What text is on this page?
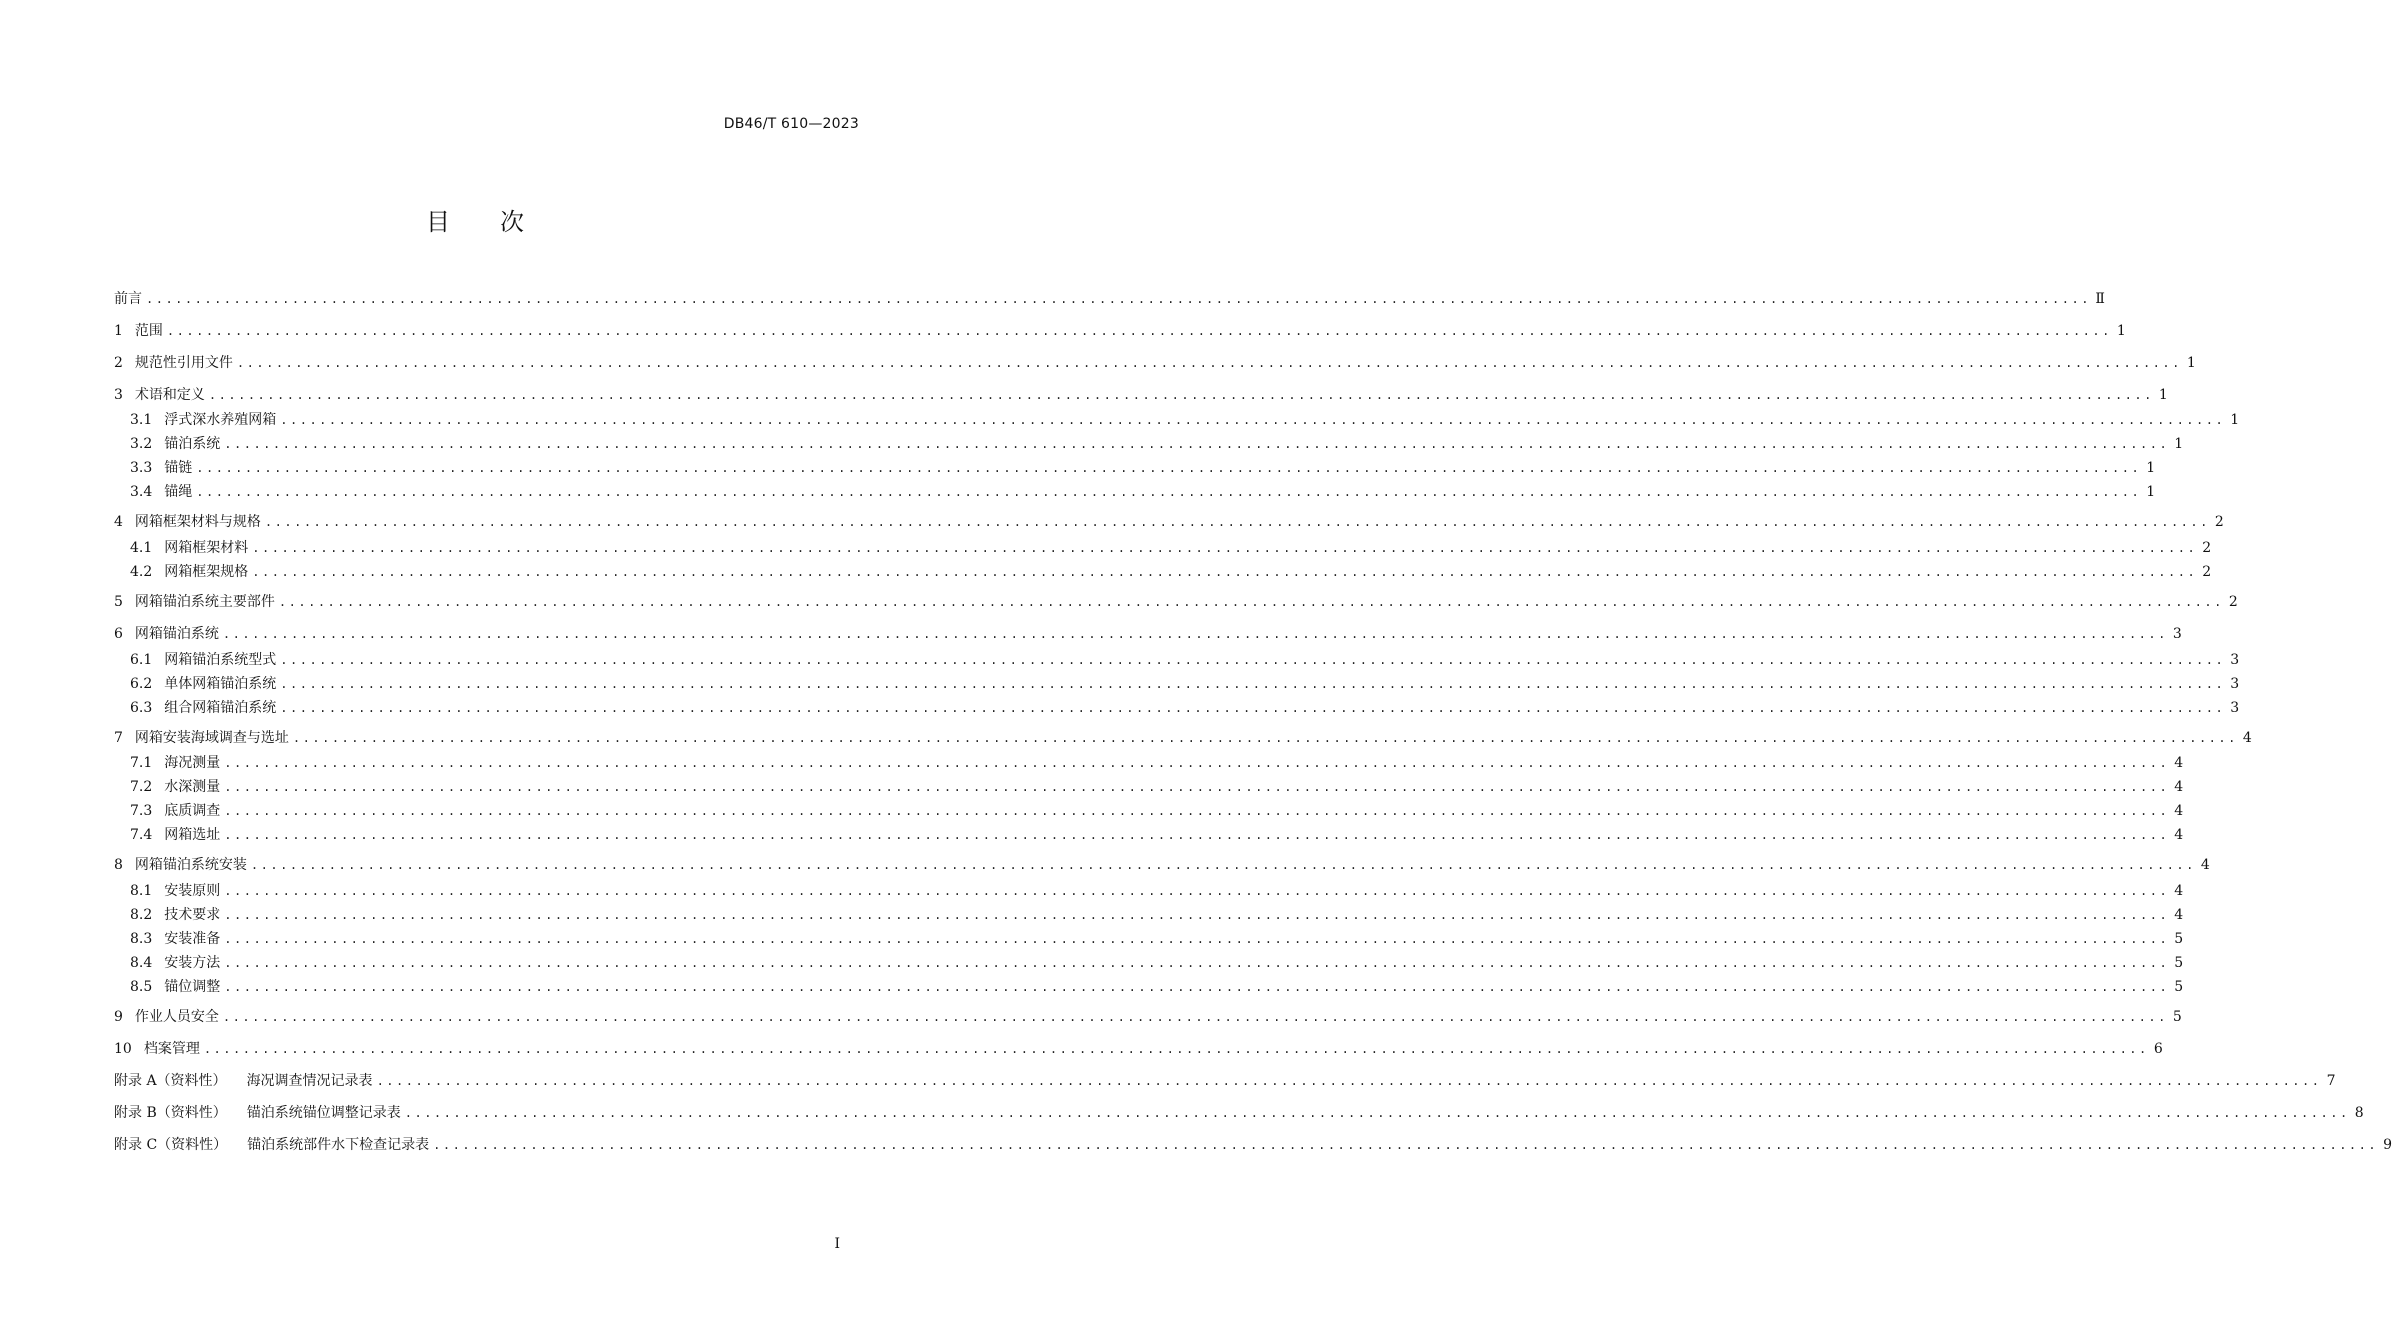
DB46/T 610—2023
目 次
前言 ........................................................................................................................................................................................................ Ⅱ
1 范围 ........................................................................................................................................................................................................ 1
2 规范性引用文件 ........................................................................................................................................................................................................ 1
3 术语和定义 ........................................................................................................................................................................................................ 1
3.1 浮式深水养殖网箱 ........................................................................................................................................................................................................ 1
3.2 锚泊系统 ........................................................................................................................................................................................................ 1
3.3 锚链 ........................................................................................................................................................................................................ 1
3.4 锚绳 ........................................................................................................................................................................................................ 1
4 网箱框架材料与规格 ........................................................................................................................................................................................................ 2
4.1 网箱框架材料 ........................................................................................................................................................................................................ 2
4.2 网箱框架规格 ........................................................................................................................................................................................................ 2
5 网箱锚泊系统主要部件 ........................................................................................................................................................................................................ 2
6 网箱锚泊系统 ........................................................................................................................................................................................................ 3
6.1 网箱锚泊系统型式 ........................................................................................................................................................................................................ 3
6.2 单体网箱锚泊系统 ........................................................................................................................................................................................................ 3
6.3 组合网箱锚泊系统 ........................................................................................................................................................................................................ 3
7 网箱安装海域调查与选址 ........................................................................................................................................................................................................ 4
7.1 海况测量 ........................................................................................................................................................................................................ 4
7.2 水深测量 ........................................................................................................................................................................................................ 4
7.3 底质调查 ........................................................................................................................................................................................................ 4
7.4 网箱选址 ........................................................................................................................................................................................................ 4
8 网箱锚泊系统安装 ........................................................................................................................................................................................................ 4
8.1 安装原则 ........................................................................................................................................................................................................ 4
8.2 技术要求 ........................................................................................................................................................................................................ 4
8.3 安装准备 ........................................................................................................................................................................................................ 5
8.4 安装方法 ........................................................................................................................................................................................................ 5
8.5 锚位调整 ........................................................................................................................................................................................................ 5
9 作业人员安全 ........................................................................................................................................................................................................ 5
10 档案管理 ........................................................................................................................................................................................................ 6
附录 A（资料性） 海况调查情况记录表 ........................................................................................................................................................................................................ 7
附录 B（资料性） 锚泊系统锚位调整记录表 ........................................................................................................................................................................................................ 8
附录 C（资料性） 锚泊系统部件水下检查记录表 ........................................................................................................................................................................................................ 9
I
